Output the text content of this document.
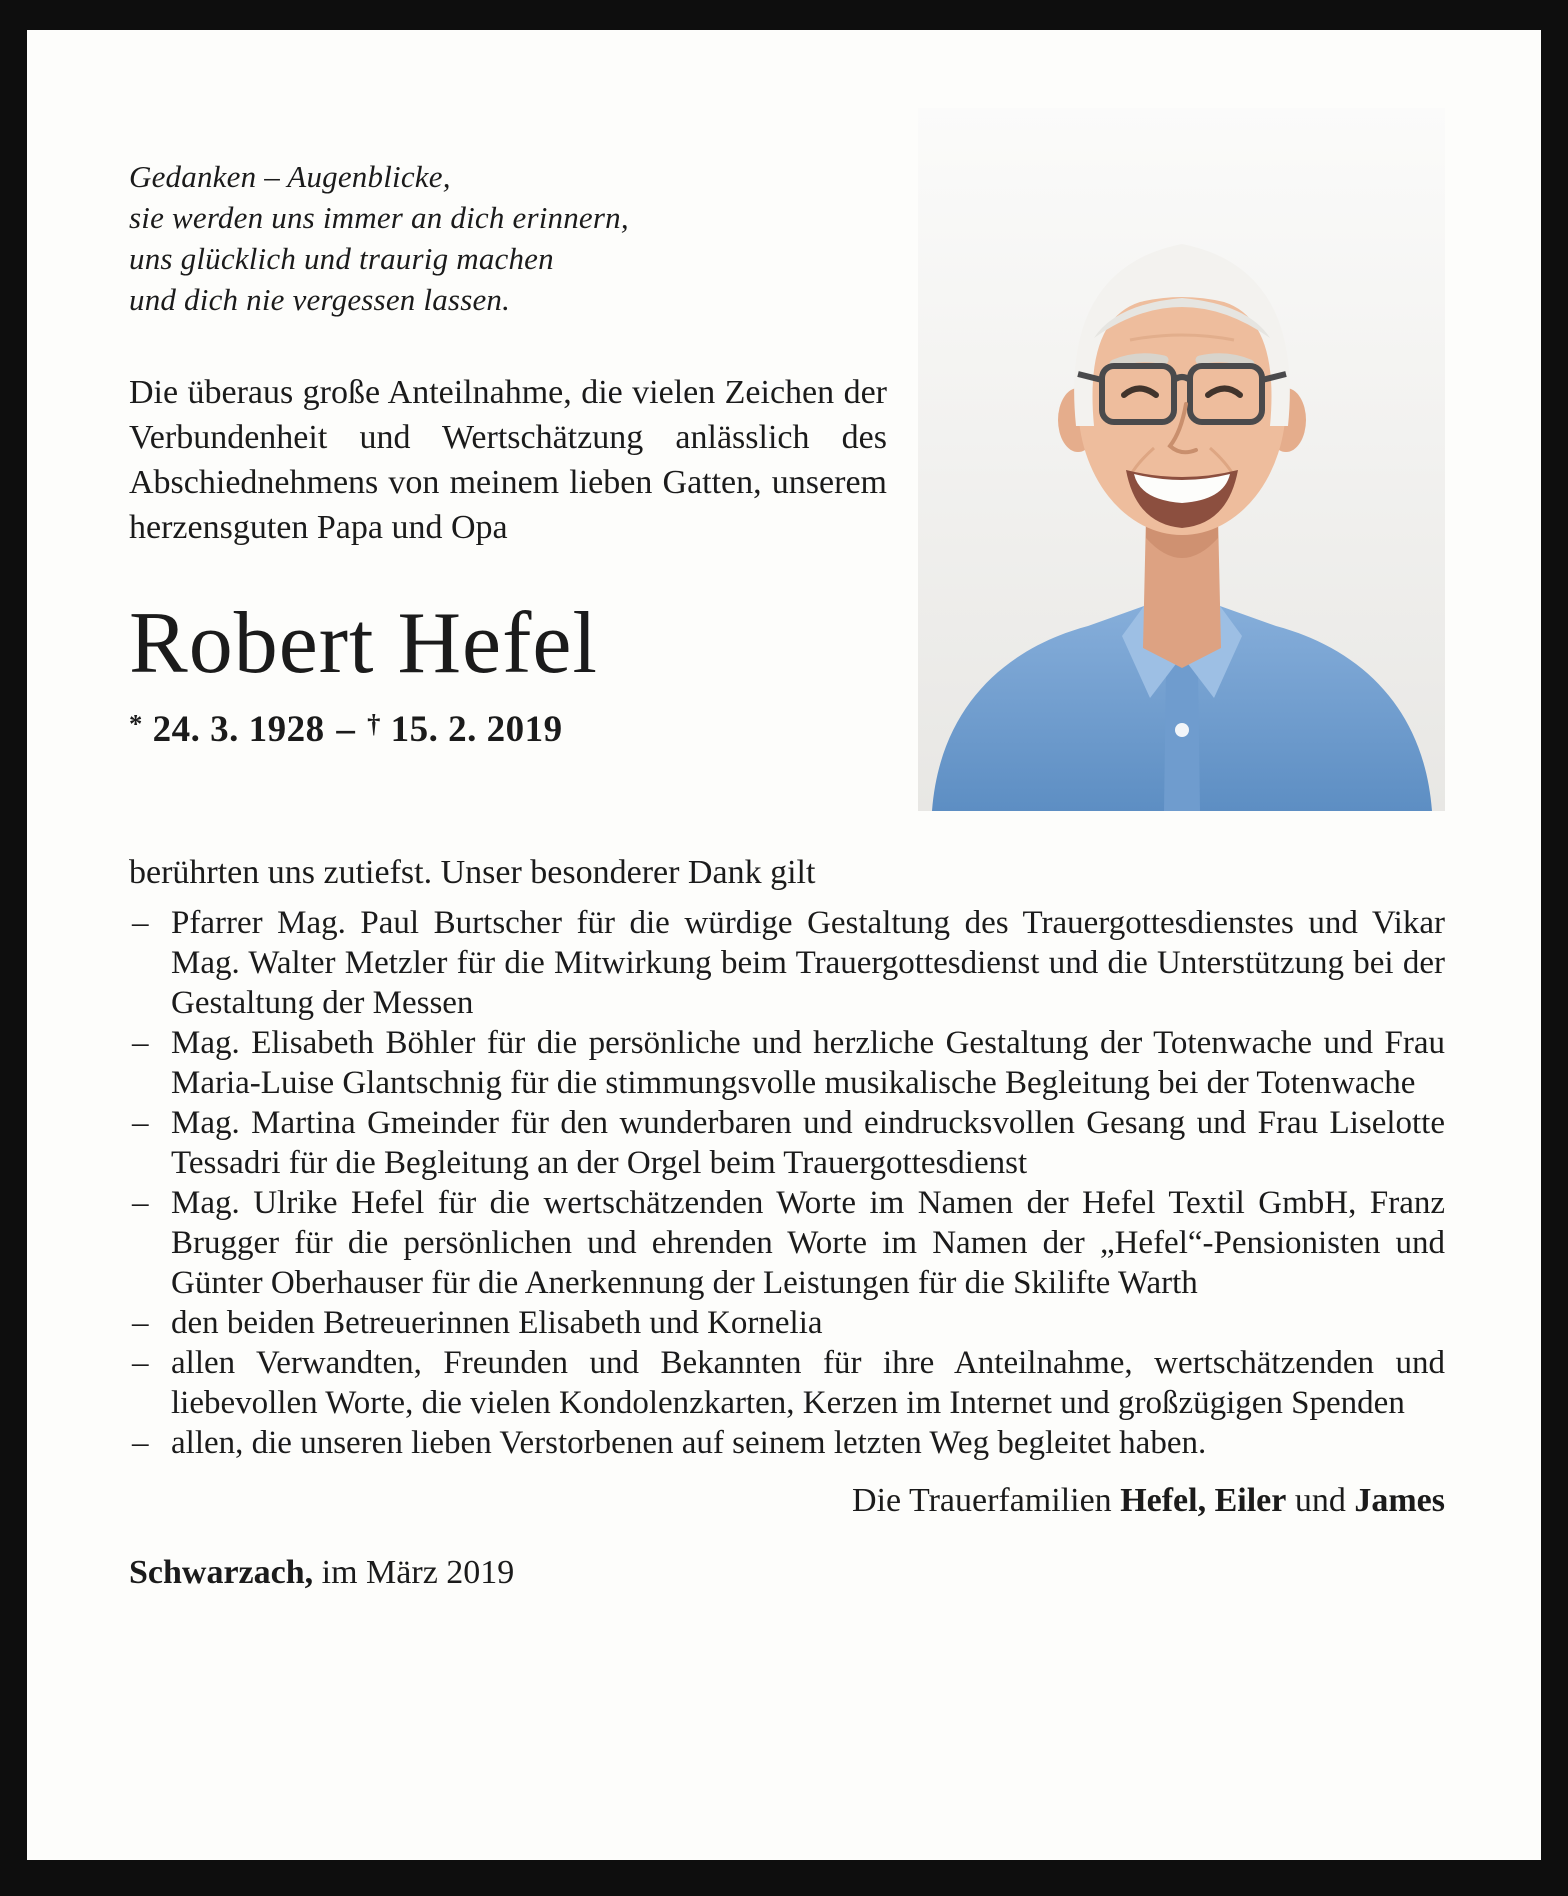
Gedanken – Augenblicke,
sie werden uns immer an dich erinnern,
uns glücklich und traurig machen
und dich nie vergessen lassen.

Die überaus große Anteilnahme, die vielen Zeichen der Verbundenheit und Wertschätzung anlässlich des Abschiednehmens von meinem lieben Gatten, unserem herzensguten Papa und Opa

Robert Hefel
* 24. 3. 1928 – † 15. 2. 2019

berührten uns zutiefst. Unser besonderer Dank gilt

– Pfarrer Mag. Paul Burtscher für die würdige Gestaltung des Trauergottesdienstes und Vikar Mag. Walter Metzler für die Mitwirkung beim Trauergottesdienst und die Unterstützung bei der Gestaltung der Messen
– Mag. Elisabeth Böhler für die persönliche und herzliche Gestaltung der Totenwache und Frau Maria-Luise Glantschnig für die stimmungsvolle musikalische Begleitung bei der Totenwache
– Mag. Martina Gmeinder für den wunderbaren und eindrucksvollen Gesang und Frau Liselotte Tessadri für die Begleitung an der Orgel beim Trauergottesdienst
– Mag. Ulrike Hefel für die wertschätzenden Worte im Namen der Hefel Textil GmbH, Franz Brugger für die persönlichen und ehrenden Worte im Namen der „Hefel“-Pensionisten und Günter Oberhauser für die Anerkennung der Leistungen für die Skilifte Warth
– den beiden Betreuerinnen Elisabeth und Kornelia
– allen Verwandten, Freunden und Bekannten für ihre Anteilnahme, wertschätzenden und liebevollen Worte, die vielen Kondolenzkarten, Kerzen im Internet und großzügigen Spenden
– allen, die unseren lieben Verstorbenen auf seinem letzten Weg begleitet haben.

Die Trauerfamilien Hefel, Eiler und James

Schwarzach, im März 2019
